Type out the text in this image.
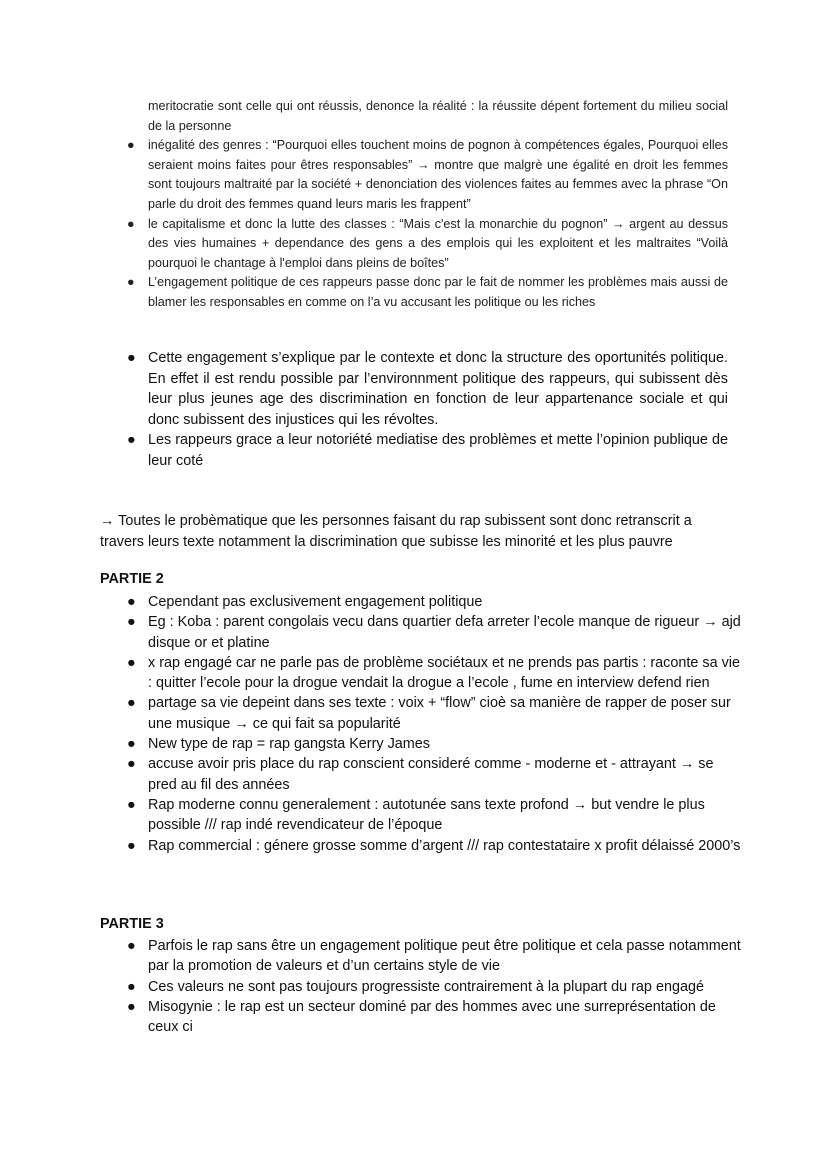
meritocratie sont celle qui ont réussis, denonce la réalité : la réussite dépent fortement du milieu social de la personne

● inégalité des genres : “Pourquoi elles touchent moins de pognon à compétences égales, Pourquoi elles seraient moins faites pour êtres responsables” → montre que malgrè une égalité en droit les femmes sont toujours maltraité par la société + denonciation des violences faites au femmes avec la phrase “On parle du droit des femmes quand leurs maris les frappent”
● le capitalisme et donc la lutte des classes : “Mais c'est la monarchie du pognon” → argent au dessus des vies humaines + dependance des gens a des emplois qui les exploitent et les maltraites “Voilà pourquoi le chantage à l'emploi dans pleins de boîtes”
● L’engagement politique de ces rappeurs passe donc par le fait de nommer les problèmes mais aussi de blamer les responsables en comme on l’a vu accusant les politique ou les riches
● Cette engagement s’explique par le contexte et donc la structure des oportunités politique. En effet il est rendu possible par l’environnment politique des rappeurs, qui subissent dès leur plus jeunes age des discrimination en fonction de leur appartenance sociale et qui donc subissent des injustices qui les révoltes.
● Les rappeurs grace a leur notoriété mediatise des problèmes et mette l’opinion publique de leur coté

→ Toutes le probèmatique que les personnes faisant du rap subissent sont donc retranscrit a travers leurs texte notamment la discrimination que subisse les minorité et les plus pauvre

PARTIE 2
● Cependant pas exclusivement engagement politique
● Eg : Koba : parent congolais vecu dans quartier defa arreter l’ecole manque de rigueur → ajd disque or et platine
● x rap engagé car ne parle pas de problème sociétaux et ne prends pas partis : raconte sa vie : quitter l’ecole pour la drogue vendait la drogue a l’ecole , fume en interview defend rien
● partage sa vie depeint dans ses texte : voix + “flow” cioè sa manière de rapper de poser sur une musique → ce qui fait sa popularité
● New type de rap = rap gangsta Kerry James
● accuse avoir pris place du rap conscient consideré comme - moderne et - attrayant → se pred au fil des années
● Rap moderne connu generalement : autotunée sans texte profond → but vendre le plus possible /// rap indé revendicateur de l’époque
● Rap commercial : génere grosse somme d’argent /// rap contestataire x profit délaissé 2000’s
PARTIE 3
● Parfois le rap sans être un engagement politique peut être politique et cela passe notamment par la promotion de valeurs et d’un certains style de vie
● Ces valeurs ne sont pas toujours progressiste contrairement à la plupart du rap engagé
● Misogynie : le rap est un secteur dominé par des hommes avec une surreprésentation de ceux ci
